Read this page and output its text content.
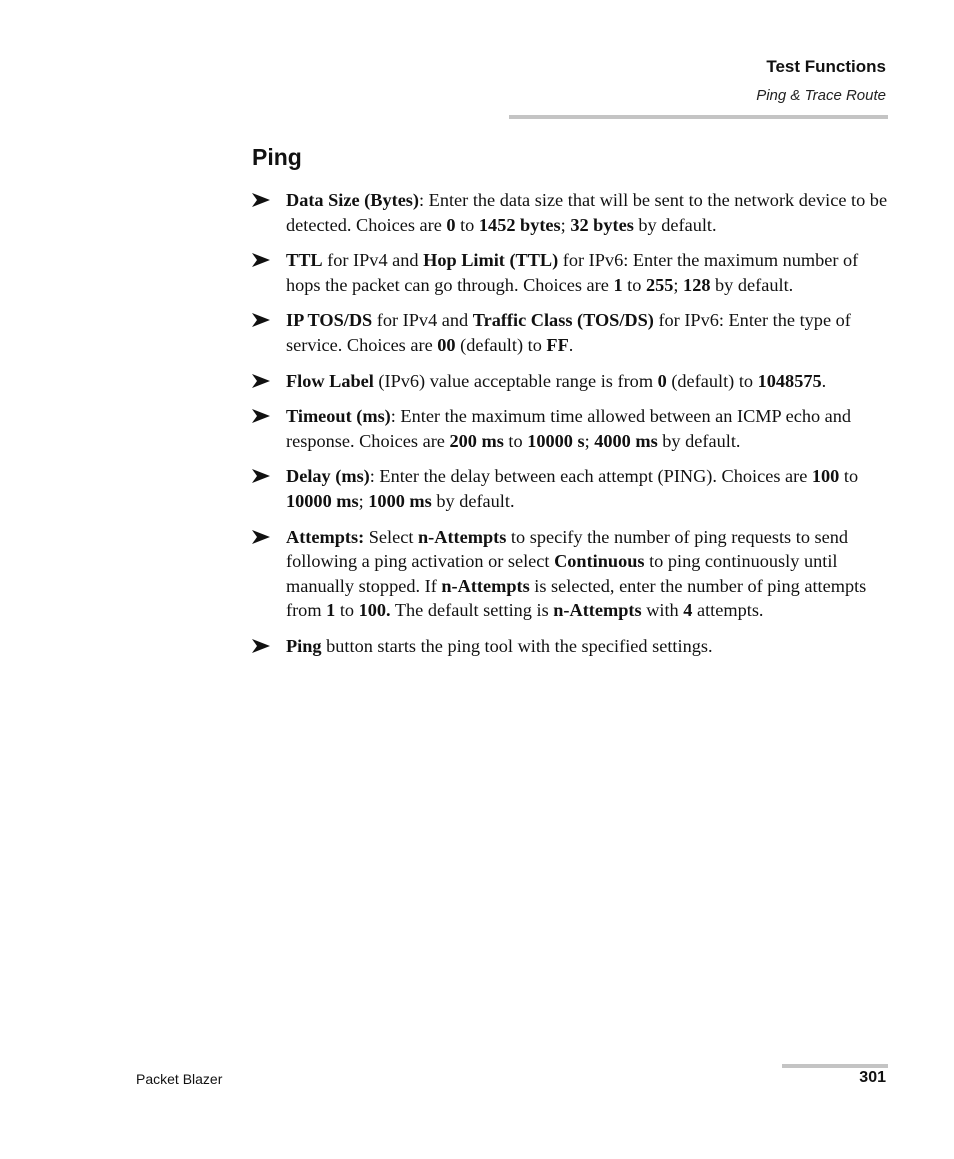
Test Functions
Ping & Trace Route
Ping
Data Size (Bytes): Enter the data size that will be sent to the network device to be detected. Choices are 0 to 1452 bytes; 32 bytes by default.
TTL for IPv4 and Hop Limit (TTL) for IPv6: Enter the maximum number of hops the packet can go through. Choices are 1 to 255; 128 by default.
IP TOS/DS for IPv4 and Traffic Class (TOS/DS) for IPv6: Enter the type of service. Choices are 00 (default) to FF.
Flow Label (IPv6) value acceptable range is from 0 (default) to 1048575.
Timeout (ms): Enter the maximum time allowed between an ICMP echo and response. Choices are 200 ms to 10000 s; 4000 ms by default.
Delay (ms): Enter the delay between each attempt (PING). Choices are 100 to 10000 ms; 1000 ms by default.
Attempts: Select n-Attempts to specify the number of ping requests to send following a ping activation or select Continuous to ping continuously until manually stopped. If n-Attempts is selected, enter the number of ping attempts from 1 to 100. The default setting is n-Attempts with 4 attempts.
Ping button starts the ping tool with the specified settings.
Packet Blazer	301
